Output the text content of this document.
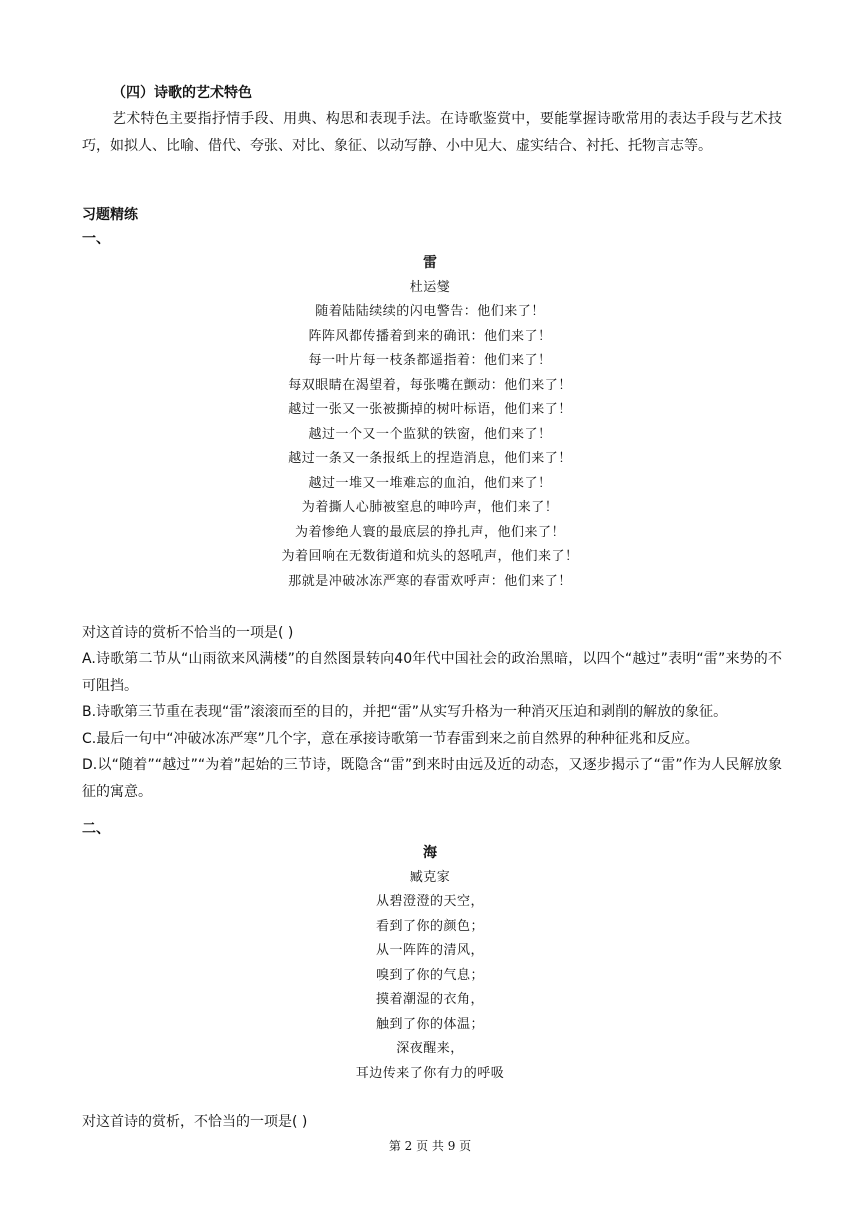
（四）诗歌的艺术特色
艺术特色主要指抒情手段、用典、构思和表现手法。在诗歌鉴赏中，要能掌握诗歌常用的表达手段与艺术技巧，如拟人、比喻、借代、夸张、对比、象征、以动写静、小中见大、虚实结合、衬托、托物言志等。
习题精练
一、
雷
杜运燮
随着陆陆续续的闪电警告：他们来了！
阵阵风都传播着到来的确讯：他们来了！
每一叶片每一枝条都遥指着：他们来了！
每双眼睛在渴望着，每张嘴在颤动：他们来了！
越过一张又一张被撕掉的树叶标语，他们来了！
越过一个又一个监狱的铁窗，他们来了！
越过一条又一条报纸上的捏造消息，他们来了！
越过一堆又一堆难忘的血泊，他们来了！
为着撕人心肺被窒息的呻吟声，他们来了！
为着惨绝人寰的最底层的挣扎声，他们来了！
为着回响在无数街道和炕头的怒吼声，他们来了！
那就是冲破冰冻严寒的春雷欢呼声：他们来了！
对这首诗的赏析不恰当的一项是( )

A.诗歌第二节从“山雨欲来风满楼”的自然图景转向40年代中国社会的政治黑暗，以四个“越过”表明“雷”来势的不可阻挡。

B.诗歌第三节重在表现“雷”滚滚而至的目的，并把“雷”从实写升格为一种消灭压迫和剥削的解放的象征。

C.最后一句中“冲破冰冻严寒”几个字，意在承接诗歌第一节春雷到来之前自然界的种种征兆和反应。

D.以“随着”“越过”“为着”起始的三节诗，既隐含“雷”到来时由远及近的动态，又逐步揭示了“雷”作为人民解放象征的寓意。

二、
海
臧克家
从碧澄澄的天空，
看到了你的颜色；
从一阵阵的清风，
嗅到了你的气息；
摸着潮湿的衣角，
触到了你的体温；
深夜醒来，
耳边传来了你有力的呼吸
对这首诗的赏析，不恰当的一项是( )
第 2 页 共 9 页
